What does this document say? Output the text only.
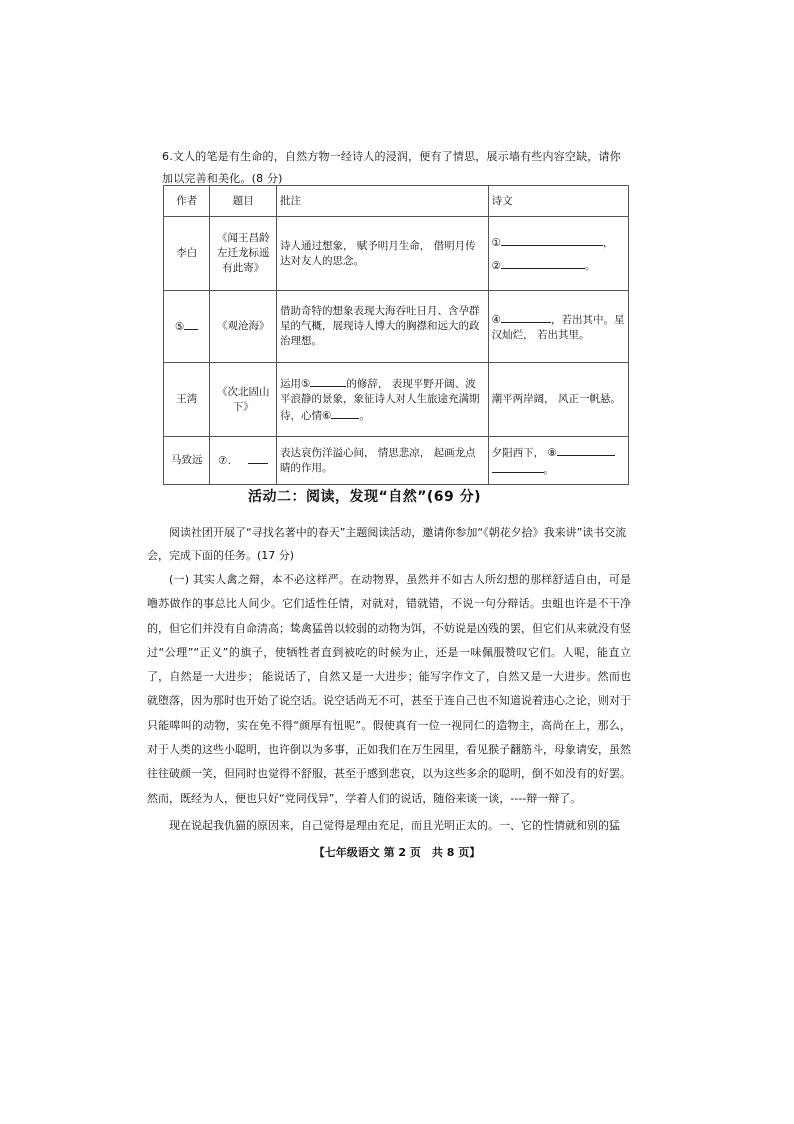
6.文人的笔是有生命的，自然方物一经诗人的浸润，便有了情思，展示墙有些内容空缺，请你加以完善和美化。(8 分)
作者	题目	批注	诗文
李白	《闻王昌龄左迁龙标遥有此寄》	诗人通过想象， 赋予明月生命， 借明月传达对友人的思念。	① ，
② 。

⑤	《观沧海》	借助奇特的想象表现大海吞吐日月、含孕群星的气概，展现诗人博大的胸襟和远大的政治理想。	④ ，若出其中。星汉灿烂， 若出其里。
王湾	《次北固山下》	运用⑤ 的修辞， 表现平野开阔、波平浪静的景象，象征诗人对人生旅途充满期待，心情⑥ 。	潮平两岸阔， 风正一帆悬。
马致远	⑦.	表达哀伤洋溢心间， 情思悲凉， 起画龙点睛的作用。	夕阳西下， ⑧
。
活动二：阅读，发现“自然”(69 分)
阅读社团开展了“寻找名著中的春天”主题阅读活动，邀请你参加“《朝花夕拾》我来讲”读书交流会，完成下面的任务。(17 分)
(一) 其实人禽之辩，本不必这样严。在动物界，虽然并不如古人所幻想的那样舒适自由，可是噜苏做作的事总比人间少。它们适性任情，对就对，错就错，不说一句分辩话。虫蛆也许是不干净的，但它们并没有自命清高；鸷禽猛兽以较弱的动物为饵，不妨说是凶残的罢，但它们从来就没有竖过“公理”“正义”的旗子，使牺牲者直到被吃的时候为止，还是一味佩服赞叹它们。人呢，能直立了，自然是一大进步； 能说话了，自然又是一大进步；能写字作文了，自然又是一大进步。然而也就堕落，因为那时也开始了说空话。说空话尚无不可，甚至于连自己也不知道说着违心之论，则对于只能嗥叫的动物，实在免不得“颜厚有忸呢”。假使真有一位一视同仁的造物主，高尚在上，那么，对于人类的这些小聪明，也许倒以为多事，正如我们在万生园里，看见猴子翻筋斗，母象请安，虽然往往破颜一笑，但同时也觉得不舒服，甚至于感到悲哀，以为这些多余的聪明，倒不如没有的好罢。然而，既经为人，便也只好“党同伐异”，学着人们的说话，随俗来谈一谈，----辩一辩了。
现在说起我仇猫的原因来，自己觉得是理由充足，而且光明正太的。一、它的性情就和别的猛
【七年级语文 第 2 页　共 8 页】
